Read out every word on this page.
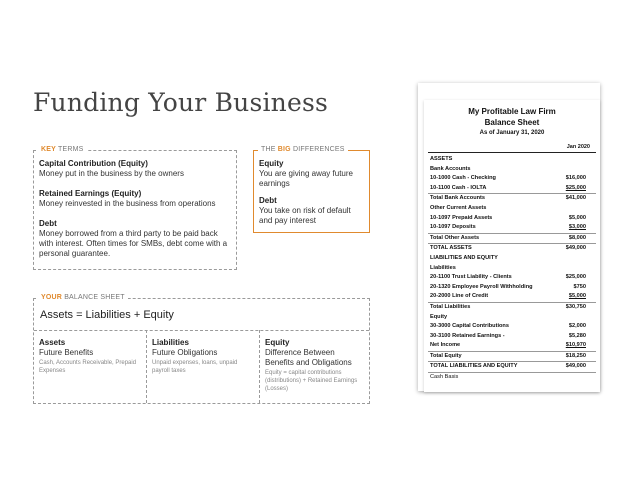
Funding Your Business
KEY TERMS
Capital Contribution (Equity)
Money put in the business by the owners
Retained Earnings (Equity)
Money reinvested in the business from operations
Debt
Money borrowed from a third party to be paid back with interest. Often times for SMBs, debt come with a personal guarantee.
THE BIG DIFFERENCES
Equity
You are giving away future earnings
Debt
You take on risk of default and pay interest
YOUR BALANCE SHEET
Assets = Liabilities + Equity
Assets
Future Benefits
Cash, Accounts Receivable, Prepaid Expenses
Liabilities
Future Obligations
Unpaid expenses, loans, unpaid payroll taxes
Equity
Difference Between Benefits and Obligations
Equity = capital contributions (distributions) + Retained Earnings (Losses)
My Profitable Law Firm
Balance Sheet
As of January 31, 2020
Jan 2020
ASSETS
Bank Accounts
10-1000 Cash - Checking	$16,000
10-1100 Cash - IOLTA	$25,000
Total Bank Accounts	$41,000
Other Current Assets
10-1097 Prepaid Assets	$5,000
10-1097 Deposits	$3,000
Total Other Assets	$8,000
TOTAL ASSETS	$49,000
LIABILITIES AND EQUITY
Liabilities
20-1100 Trust Liability - Clients	$25,000
20-1320 Employee Payroll Withholding	$750
20-2000 Line of Credit	$5,000
Total Liabilities	$30,750
Equity
30-3000 Capital Contributions	$2,000
30-3100 Retained Earnings -	$5,280
Net Income	$10,970
Total Equity	$18,250
TOTAL LIABILITIES AND EQUITY	$49,000
Cash Basis
